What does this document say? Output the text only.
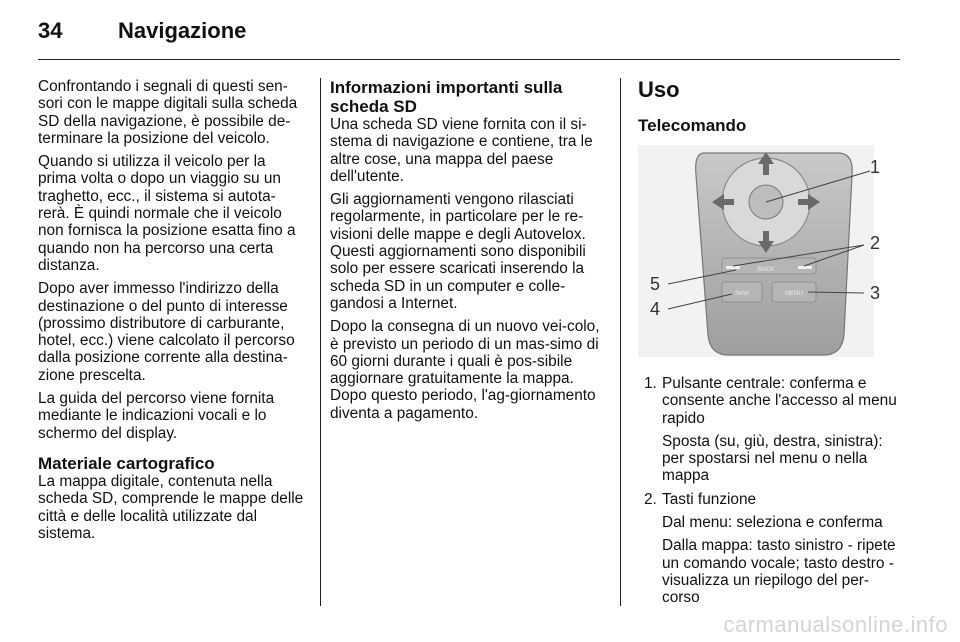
34	Navigazione

Confrontando i segnali di questi sen-sori con le mappe digitali sulla scheda SD della navigazione, è possibile de-terminare la posizione del veicolo.

Quando si utilizza il veicolo per la prima volta o dopo un viaggio su un traghetto, ecc., il sistema si autota-rerà. È quindi normale che il veicolo non forniscа la posizione esatta fino a quando non ha percorso una certa distanza.

Dopo aver immesso l'indirizzo della destinazione o del punto di interesse (prossimo distributore di carburante, hotel, ecc.) viene calcolato il percorso dalla posizione corrente alla destina-zione prescelta.

La guida del percorso viene fornita mediante le indicazioni vocali e lo schermo del display.

Materiale cartografico

La mappa digitale, contenuta nella scheda SD, comprende le mappe delle città e delle località utilizzate dal sistema.

Informazioni importanti sulla scheda SD

Una scheda SD viene fornita con il si-stema di navigazione e contiene, tra le altre cose, una mappa del paese dell'utente.

Gli aggiornamenti vengono rilasciati regolarmente, in particolare per le re-visioni delle mappe e degli Autovelox. Questi aggiornamenti sono disponibili solo per essere scaricati inserendo la scheda SD in un computer e colle-gandosi a Internet.

Dopo la consegna di un nuovo vei-colo, è previsto un periodo di un mas-simo di 60 giorni durante i quali è pos-sibile aggiornare gratuitamente la mappa. Dopo questo periodo, l'ag-giornamento diventa a pagamento.

Uso
Telecomando
BACK
NAVI	MENU
1
2
3
4
5
1. Pulsante centrale: conferma e consente anche l'accesso al menu rapido
Sposta (su, giù, destra, sinistra): per spostarsi nel menu o nella mappa
2. Tasti funzione
Dal menu: seleziona e conferma
Dalla mappa: tasto sinistro - ripete un comando vocale; tasto destro - visualizza un riepilogo del per-corso
carmanualsonline.info
